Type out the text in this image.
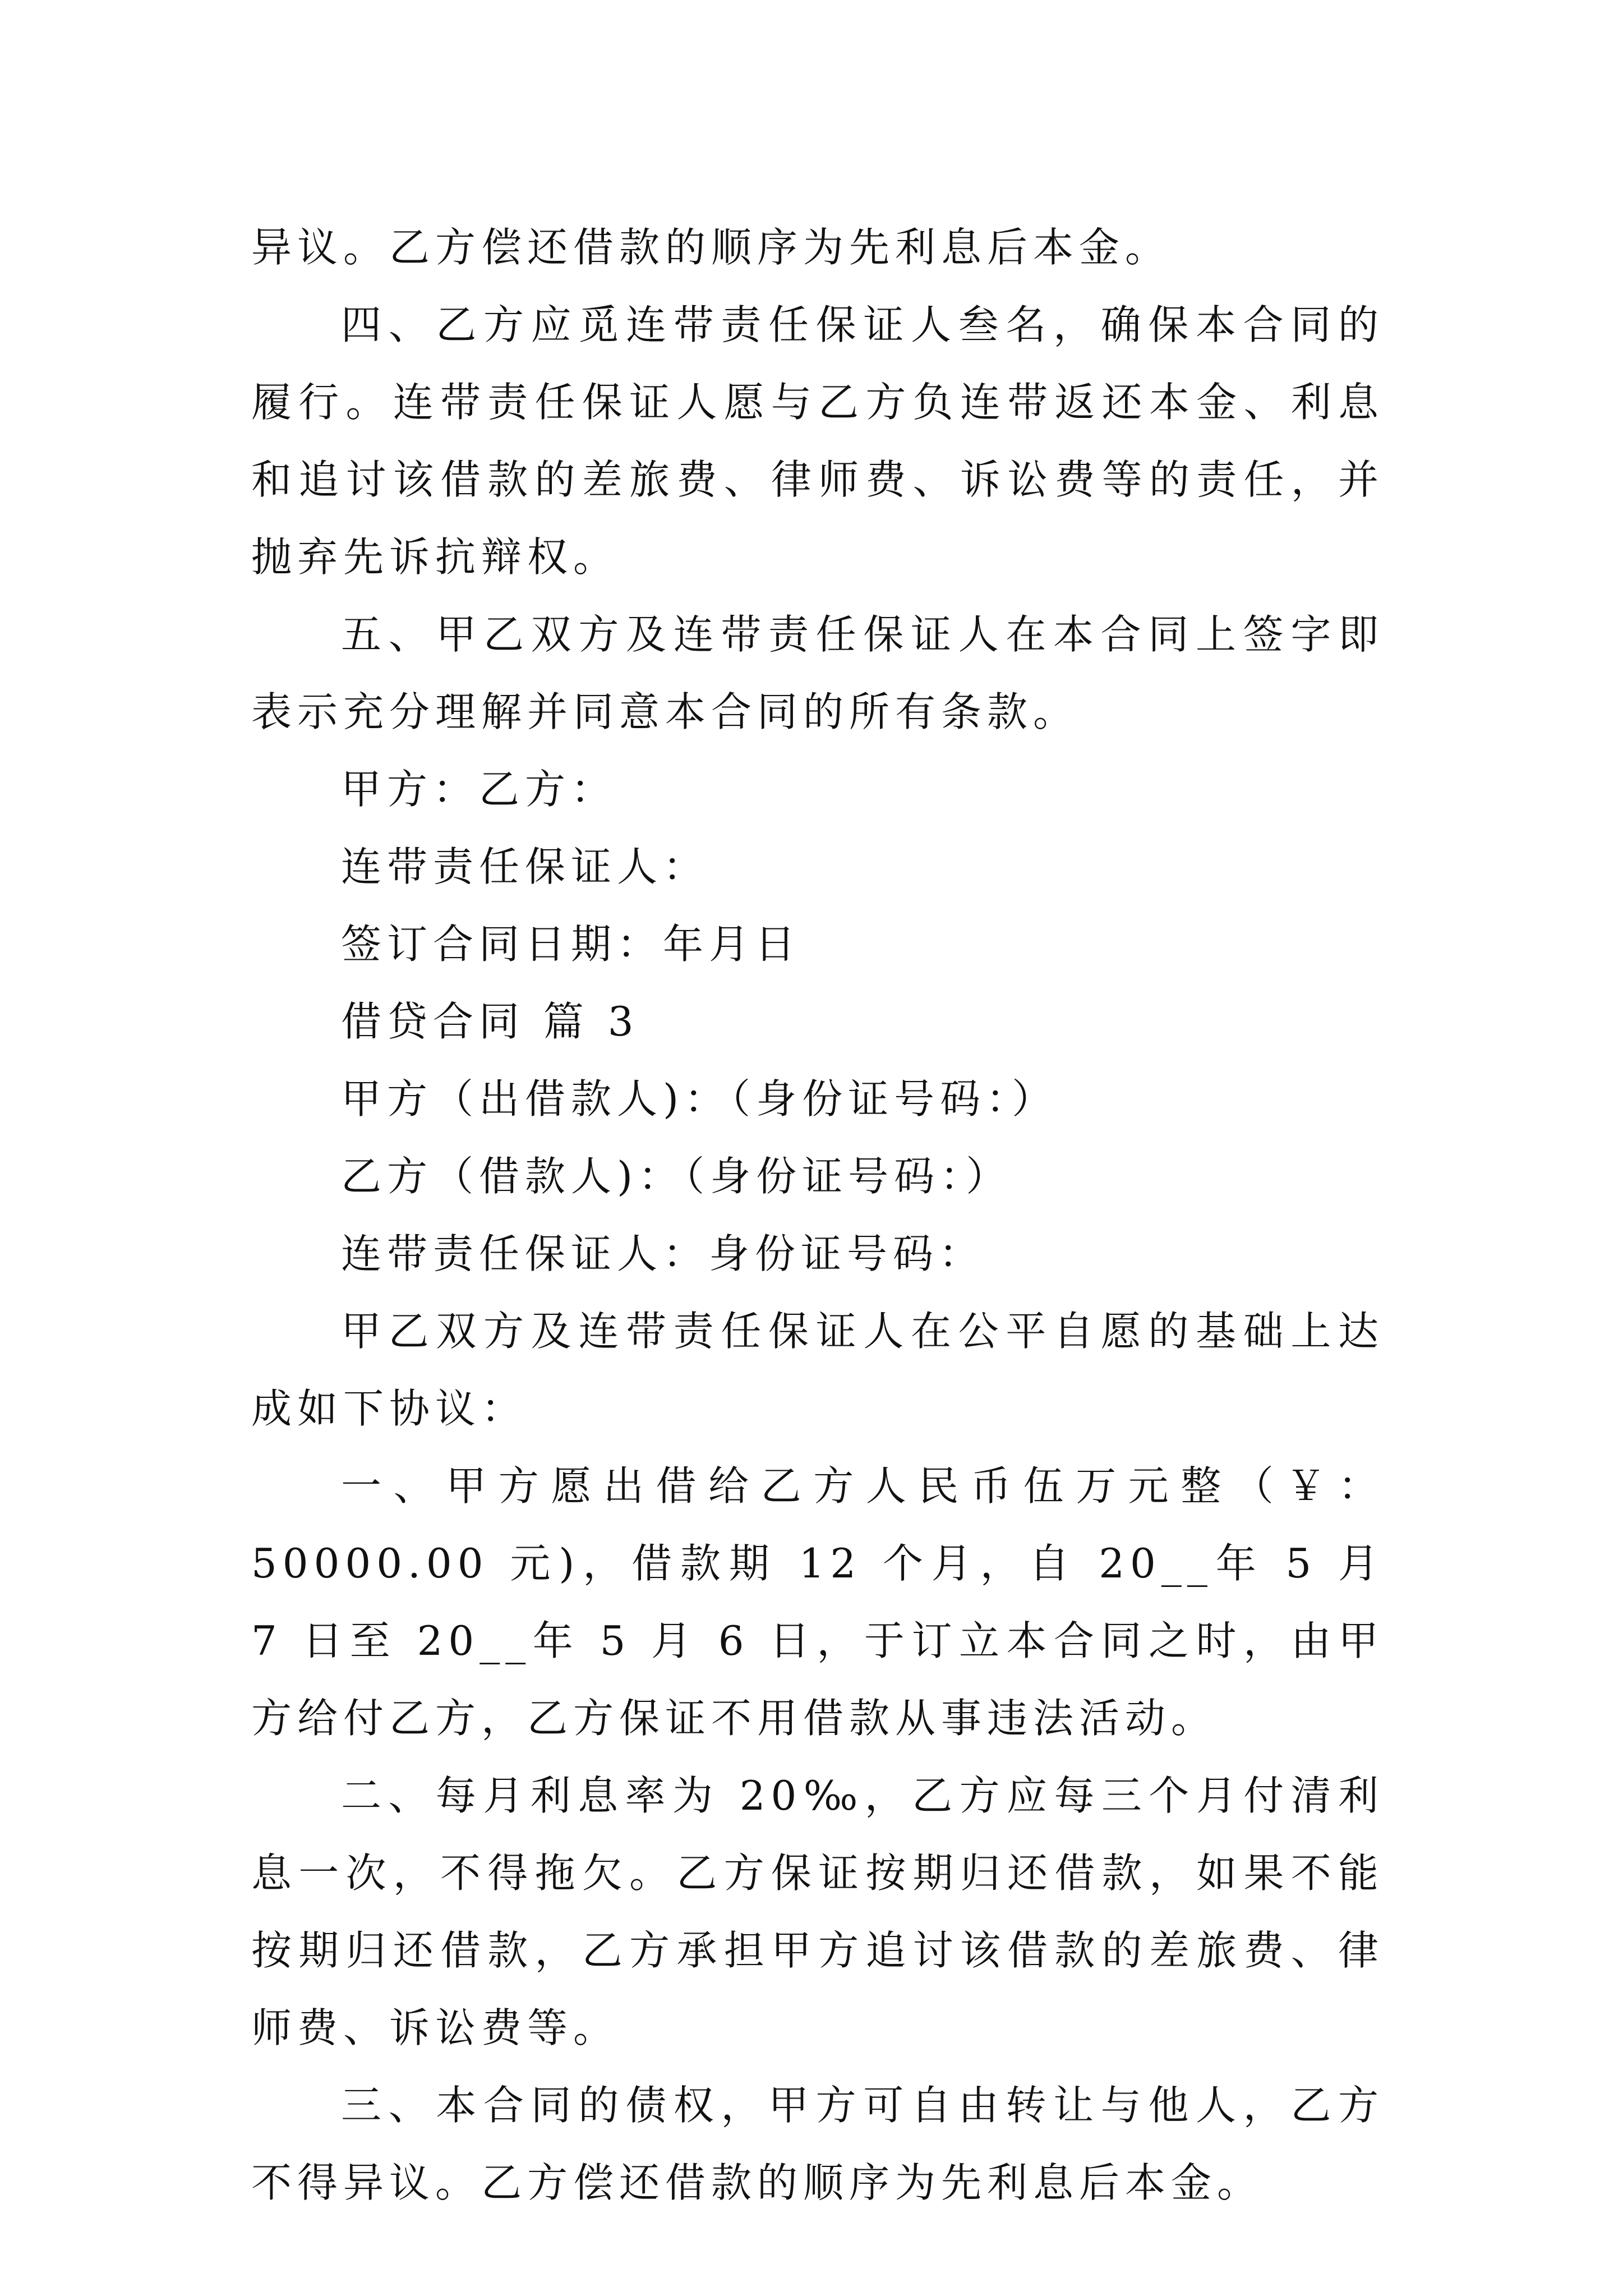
异议。乙方偿还借款的顺序为先利息后本金。

四、乙方应觅连带责任保证人叁名，确保本合同的履行。连带责任保证人愿与乙方负连带返还本金、利息和追讨该借款的差旅费、律师费、诉讼费等的责任，并抛弃先诉抗辩权。

五、甲乙双方及连带责任保证人在本合同上签字即表示充分理解并同意本合同的所有条款。

甲方：乙方：

连带责任保证人：

签订合同日期：年月日

借贷合同 篇 3

甲方（出借款人)：（身份证号码：）

乙方（借款人)：（身份证号码：）

连带责任保证人：身份证号码：

甲乙双方及连带责任保证人在公平自愿的基础上达成如下协议：

一、甲方愿出借给乙方人民币伍万元整（￥：50000.00 元)，借款期 12 个月，自 20__年 5 月 7 日至 20__年 5 月 6 日，于订立本合同之时，由甲方给付乙方，乙方保证不用借款从事违法活动。

二、每月利息率为 20‰，乙方应每三个月付清利息一次，不得拖欠。乙方保证按期归还借款，如果不能按期归还借款，乙方承担甲方追讨该借款的差旅费、律师费、诉讼费等。

三、本合同的债权，甲方可自由转让与他人，乙方不得异议。乙方偿还借款的顺序为先利息后本金。
